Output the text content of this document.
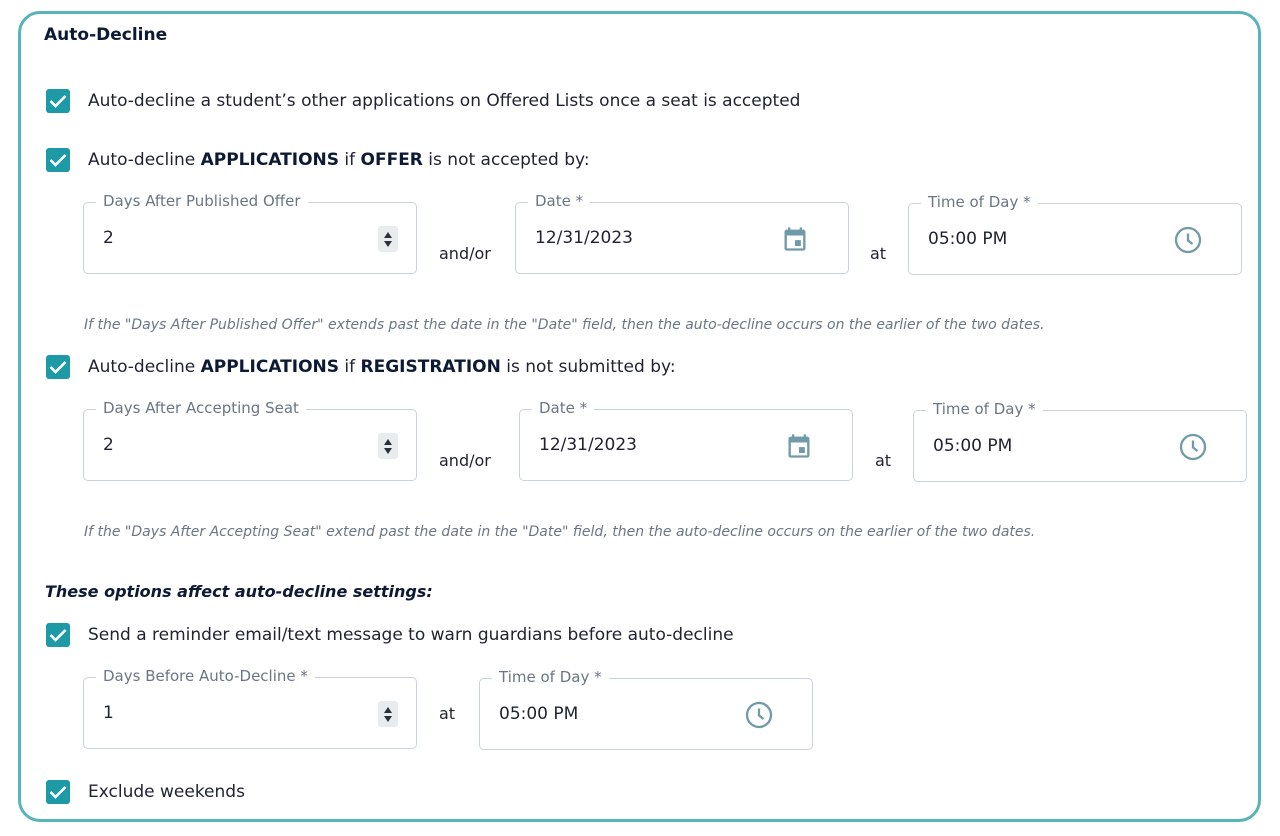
Auto-Decline
Auto-decline a student’s other applications on Offered Lists once a seat is accepted
Auto-decline APPLICATIONS if OFFER is not accepted by:
Days After Published Offer
2
and/or
Date *
12/31/2023
at
Time of Day *
05:00 PM
If the "Days After Published Offer" extends past the date in the "Date" field, then the auto-decline occurs on the earlier of the two dates.
Auto-decline APPLICATIONS if REGISTRATION is not submitted by:
Days After Accepting Seat
2
and/or
Date *
12/31/2023
at
Time of Day *
05:00 PM
If the "Days After Accepting Seat" extend past the date in the "Date" field, then the auto-decline occurs on the earlier of the two dates.
These options affect auto-decline settings:
Send a reminder email/text message to warn guardians before auto-decline
Days Before Auto-Decline *
1	at
Time of Day *
05:00 PM
Exclude weekends
